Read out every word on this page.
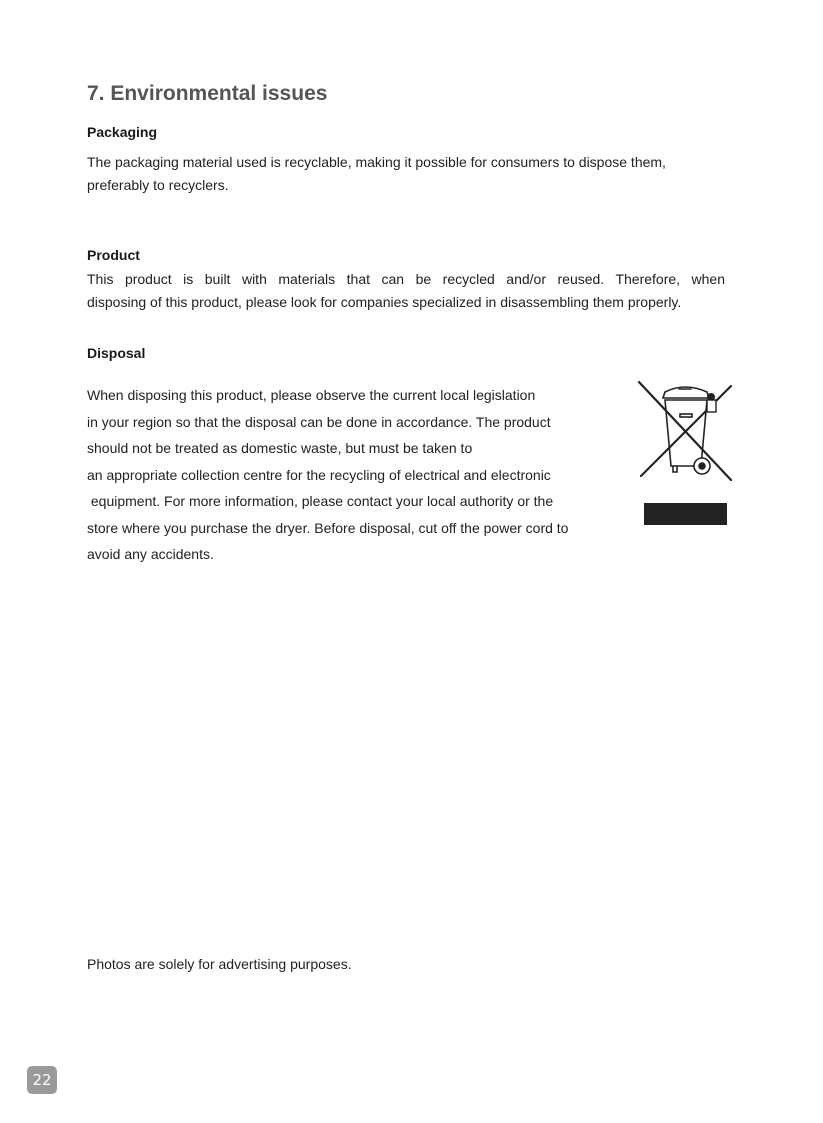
7. Environmental issues
Packaging
The packaging material used is recyclable, making it possible for consumers to dispose them,
preferably to recyclers.
Product
This product is built with materials that can be recycled and/or reused. Therefore, when
disposing of this product, please look for companies specialized in disassembling them properly.
Disposal
When disposing this product, please observe the current local legislation
in your region so that the disposal can be done in accordance. The product
should not be treated as domestic waste, but must be taken to
an appropriate collection centre for the recycling of electrical and electronic
equipment. For more information, please contact your local authority or the
store where you purchase the dryer. Before disposal, cut off the power cord to
avoid any accidents.
Photos are solely for advertising purposes.
22
